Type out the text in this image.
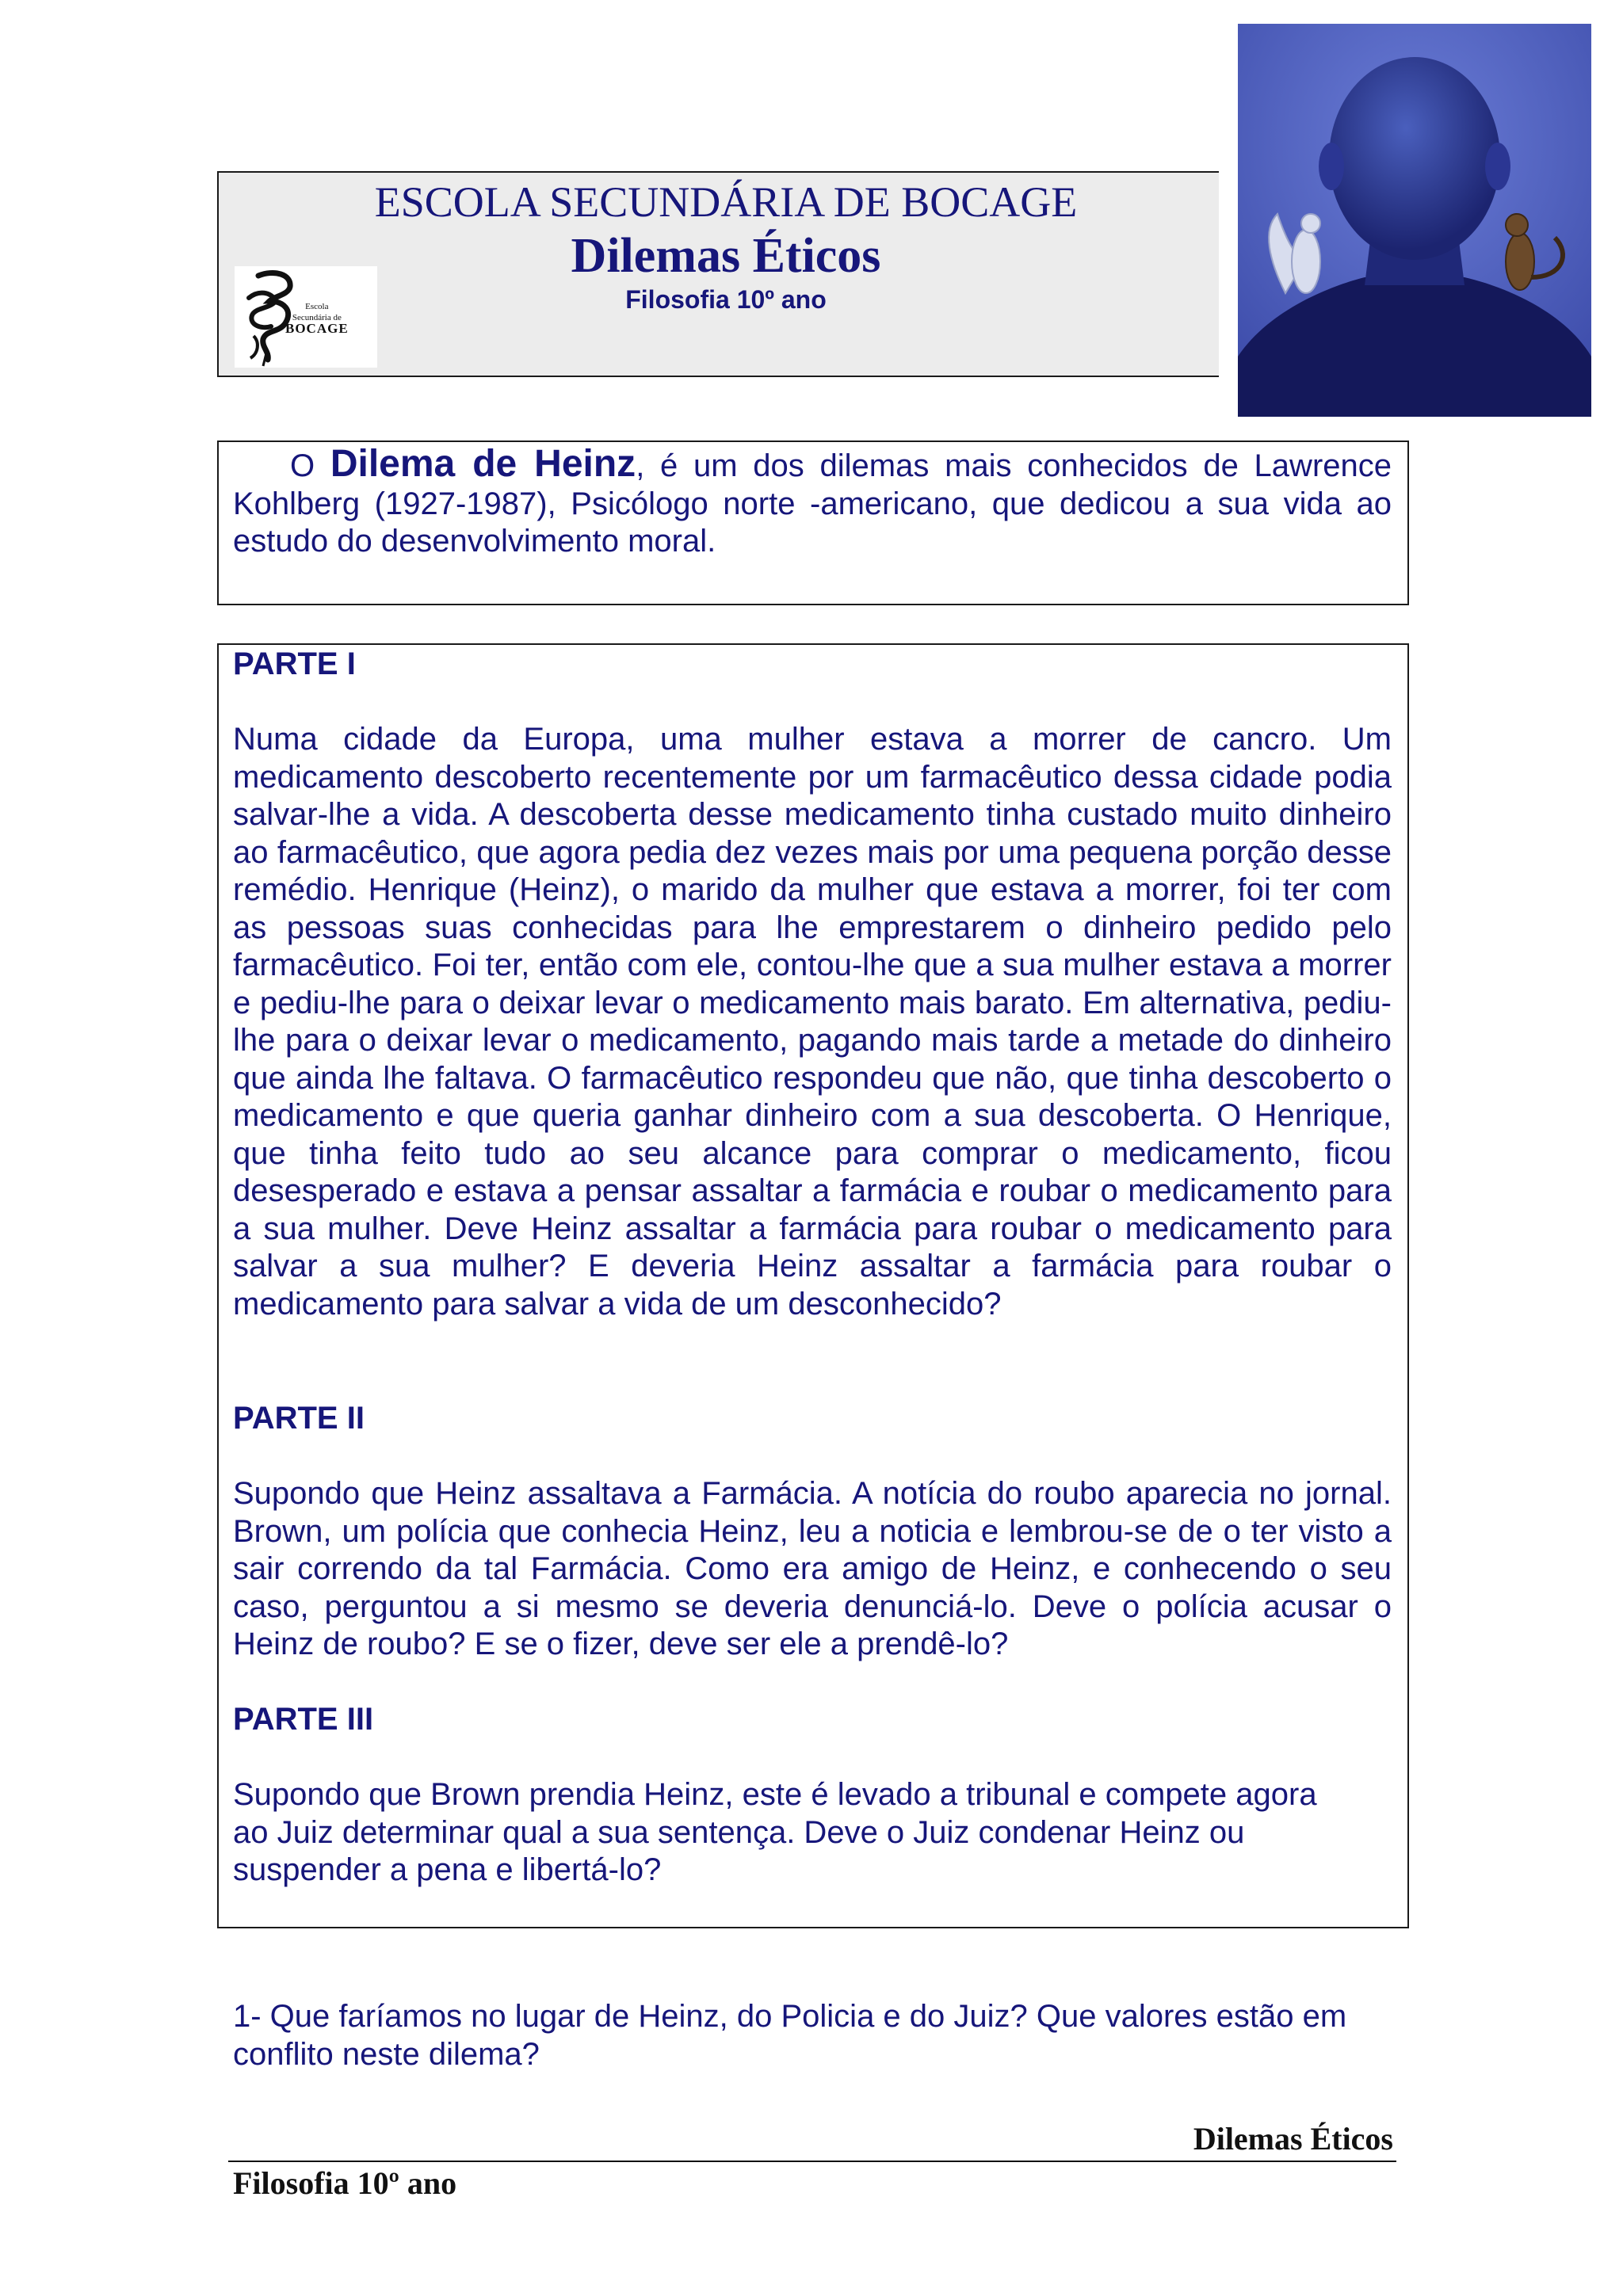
ESCOLA SECUNDÁRIA DE BOCAGE
Dilemas Éticos
Filosofia 10º ano
Escola
Secundária de
BOCAGE
O Dilema de Heinz, é um dos dilemas mais conhecidos de Lawrence Kohlberg (1927-1987), Psicólogo norte -americano, que dedicou a sua vida ao estudo do desenvolvimento moral.
PARTE I
Numa cidade da Europa, uma mulher estava a morrer de cancro. Um medicamento descoberto recentemente por um farmacêutico dessa cidade podia salvar-lhe a vida. A descoberta desse medicamento tinha custado muito dinheiro ao farmacêutico, que agora pedia dez vezes mais por uma pequena porção desse remédio. Henrique (Heinz), o marido da mulher que estava a morrer, foi ter com as pessoas suas conhecidas para lhe emprestarem o dinheiro pedido pelo farmacêutico. Foi ter, então com ele, contou-lhe que a sua mulher estava a morrer e pediu-lhe para o deixar levar o medicamento mais barato. Em alternativa, pediu-lhe para o deixar levar o medicamento, pagando mais tarde a metade do dinheiro que ainda lhe faltava. O farmacêutico respondeu que não, que tinha descoberto o medicamento e que queria ganhar dinheiro com a sua descoberta. O Henrique, que tinha feito tudo ao seu alcance para comprar o medicamento, ficou desesperado e estava a pensar assaltar a farmácia e roubar o medicamento para a sua mulher. Deve Heinz assaltar a farmácia para roubar o medicamento para salvar a sua mulher? E deveria Heinz assaltar a farmácia para roubar o medicamento para salvar a vida de um desconhecido?
PARTE II
Supondo que Heinz assaltava a Farmácia. A notícia do roubo aparecia no jornal. Brown, um polícia que conhecia Heinz, leu a noticia e lembrou-se de o ter visto a sair correndo da tal Farmácia. Como era amigo de Heinz, e conhecendo o seu caso, perguntou a si mesmo se deveria denunciá-lo. Deve o polícia acusar o Heinz de roubo? E se o fizer, deve ser ele a prendê-lo?
PARTE III
Supondo que Brown prendia Heinz, este é levado a tribunal e compete agora ao Juiz determinar qual a sua sentença. Deve o Juiz condenar Heinz ou suspender a pena e libertá-lo?
1- Que faríamos no lugar de Heinz, do Policia e do Juiz? Que valores estão em conflito neste dilema?
Dilemas Éticos
Filosofia 10º ano
